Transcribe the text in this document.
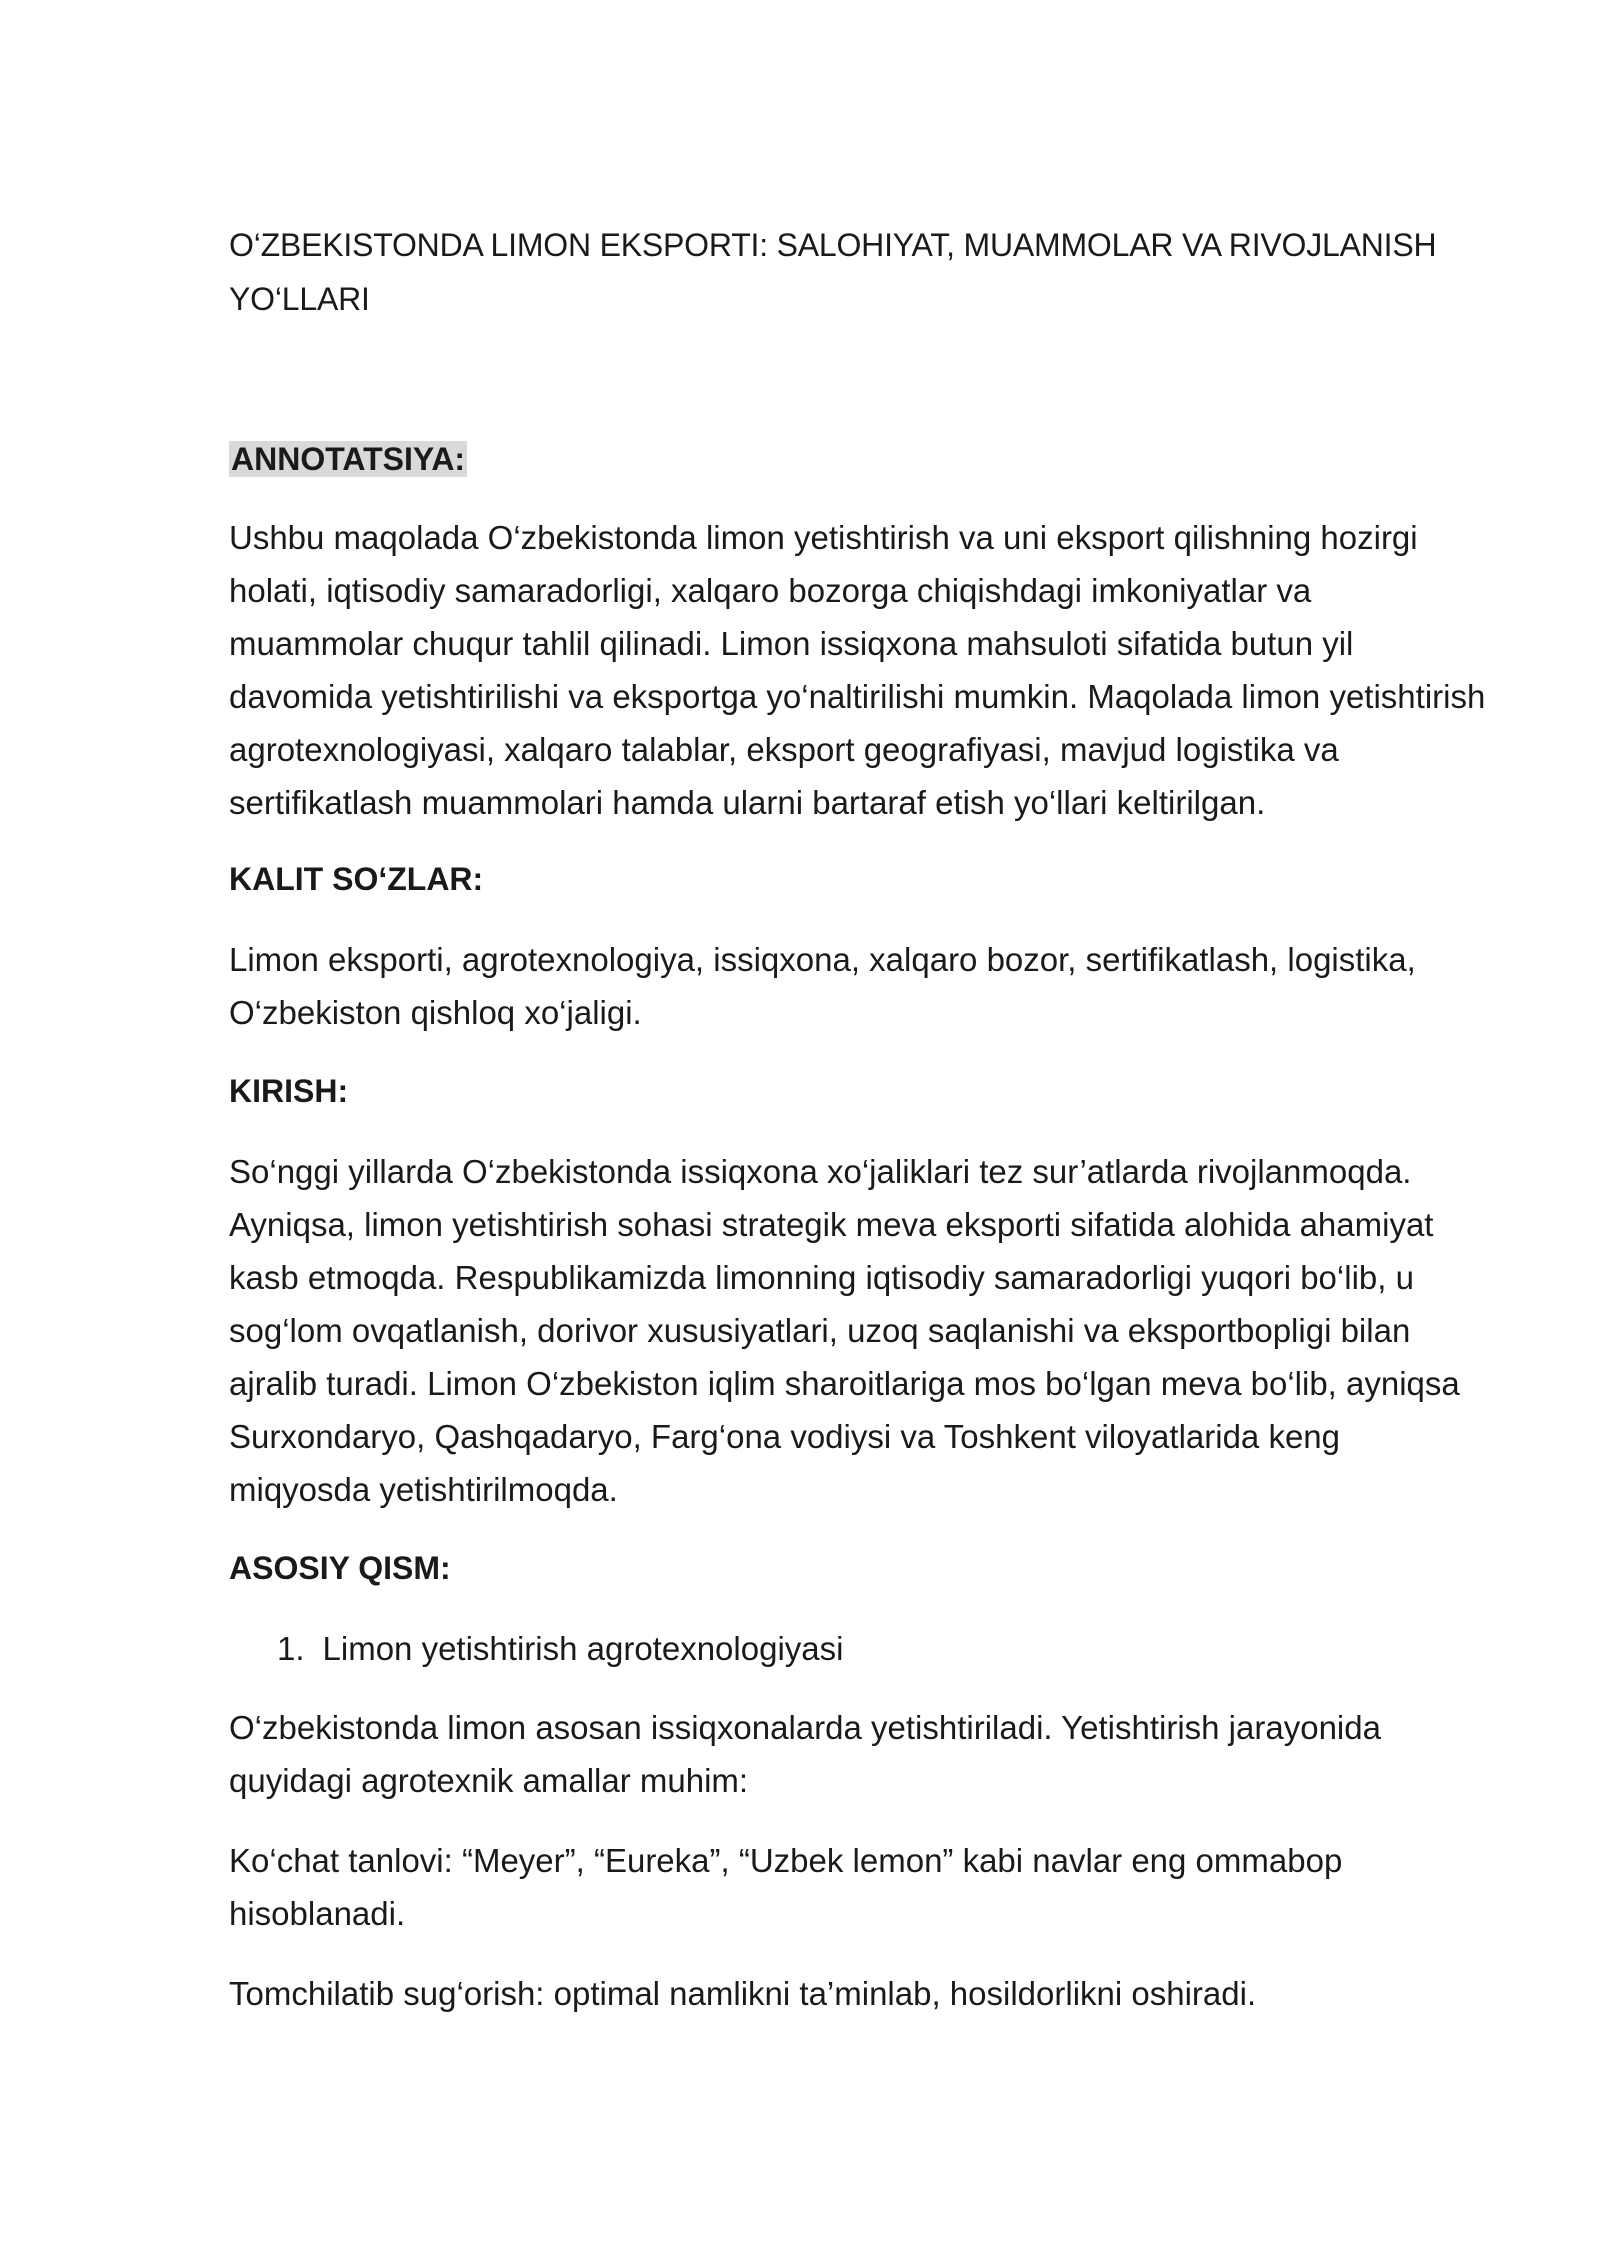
O‘ZBEKISTONDA LIMON EKSPORTI: SALOHIYAT, MUAMMOLAR VA RIVOJLANISH YO‘LLARI

ANNOTATSIYA:

Ushbu maqolada O‘zbekistonda limon yetishtirish va uni eksport qilishning hozirgi holati, iqtisodiy samaradorligi, xalqaro bozorga chiqishdagi imkoniyatlar va muammolar chuqur tahlil qilinadi. Limon issiqxona mahsuloti sifatida butun yil davomida yetishtirilishi va eksportga yo‘naltirilishi mumkin. Maqolada limon yetishtirish agrotexnologiyasi, xalqaro talablar, eksport geografiyasi, mavjud logistika va sertifikatlash muammolari hamda ularni bartaraf etish yo‘llari keltirilgan.

KALIT SO‘ZLAR:

Limon eksporti, agrotexnologiya, issiqxona, xalqaro bozor, sertifikatlash, logistika, O‘zbekiston qishloq xo‘jaligi.

KIRISH:

So‘nggi yillarda O‘zbekistonda issiqxona xo‘jaliklari tez sur’atlarda rivojlanmoqda. Ayniqsa, limon yetishtirish sohasi strategik meva eksporti sifatida alohida ahamiyat kasb etmoqda. Respublikamizda limonning iqtisodiy samaradorligi yuqori bo‘lib, u sog‘lom ovqatlanish, dorivor xususiyatlari, uzoq saqlanishi va eksportbopligi bilan ajralib turadi. Limon O‘zbekiston iqlim sharoitlariga mos bo‘lgan meva bo‘lib, ayniqsa Surxondaryo, Qashqadaryo, Farg‘ona vodiysi va Toshkent viloyatlarida keng miqyosda yetishtirilmoqda.

ASOSIY QISM:

1. Limon yetishtirish agrotexnologiyasi

O‘zbekistonda limon asosan issiqxonalarda yetishtiriladi. Yetishtirish jarayonida quyidagi agrotexnik amallar muhim:

Ko‘chat tanlovi: “Meyer”, “Eureka”, “Uzbek lemon” kabi navlar eng ommabop hisoblanadi.

Tomchilatib sug‘orish: optimal namlikni ta’minlab, hosildorlikni oshiradi.
